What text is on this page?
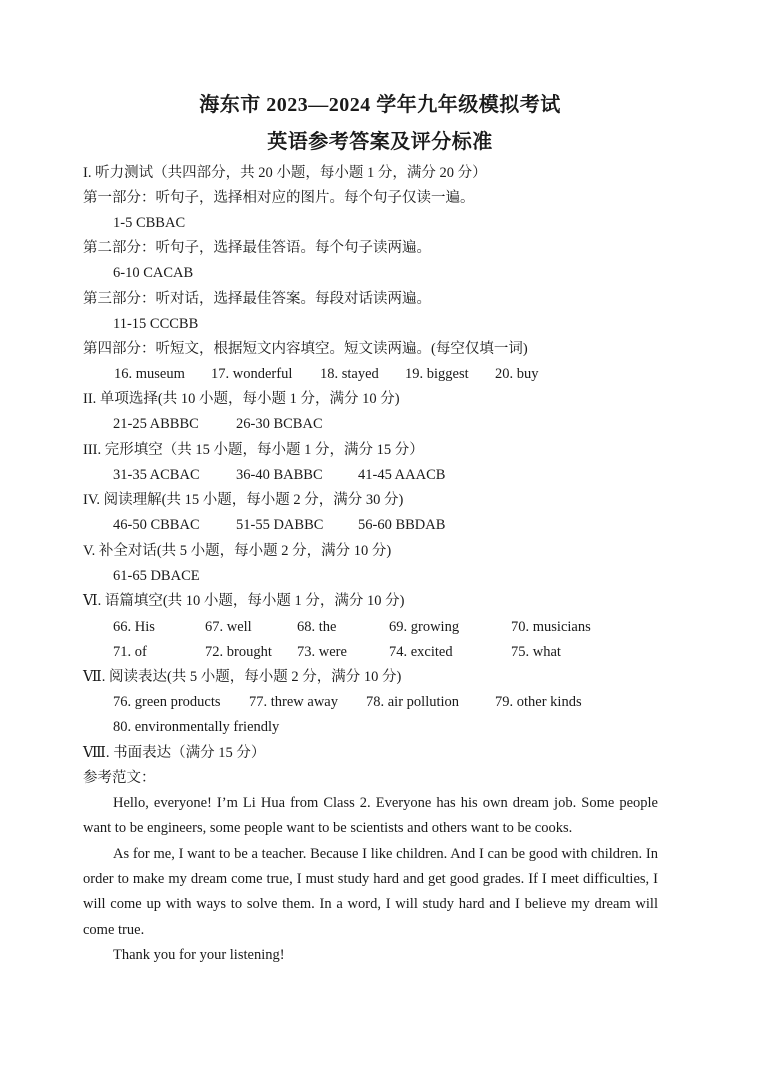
海东市 2023—2024 学年九年级模拟考试
英语参考答案及评分标准
I. 听力测试（共四部分，共 20 小题，每小题 1 分，满分 20 分）
第一部分：听句子，选择相对应的图片。每个句子仅读一遍。
1-5 CBBAC
第二部分：听句子，选择最佳答语。每个句子读两遍。
6-10 CACAB
第三部分：听对话，选择最佳答案。每段对话读两遍。
11-15 CCCBB
第四部分：听短文，根据短文内容填空。短文读两遍。(每空仅填一词)
16. museum 17. wonderful 18. stayed 19. biggest 20. buy
II. 单项选择(共 10 小题，每小题 1 分，满分 10 分)
21-25 ABBBC	26-30 BCBAC
III. 完形填空（共 15 小题，每小题 1 分，满分 15 分）
31-35 ACBAC	36-40 BABBC 41-45 AAACB
IV. 阅读理解(共 15 小题，每小题 2 分，满分 30 分)
46-50 CBBAC	51-55 DABBC 56-60 BBDAB
V. 补全对话(共 5 小题，每小题 2 分，满分 10 分)
61-65 DBACE
Ⅵ. 语篇填空(共 10 小题，每小题 1 分，满分 10 分)
66. His	67. well	68. the	69. growing	70. musicians
71. of	72. brought 73. were	74. excited	75. what
Ⅶ. 阅读表达(共 5 小题，每小题 2 分，满分 10 分)
76. green products 77. threw away 78. air pollution 79. other kinds
80. environmentally friendly
Ⅷ. 书面表达（满分 15 分）
参考范文：

Hello, everyone! I’m Li Hua from Class 2. Everyone has his own dream job. Some people want to be engineers, some people want to be scientists and others want to be cooks.

As for me, I want to be a teacher. Because I like children. And I can be good with children. In order to make my dream come true, I must study hard and get good grades. If I meet difficulties, I will come up with ways to solve them. In a word, I will study hard and I believe my dream will come true.

Thank you for your listening!
